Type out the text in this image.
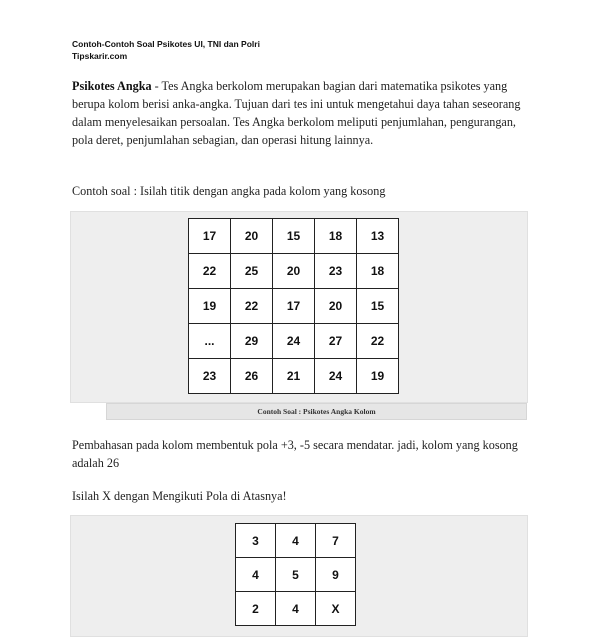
Contoh-Contoh Soal Psikotes UI, TNI dan Polri
Tipskarir.com
Psikotes Angka - Tes Angka berkolom merupakan bagian dari matematika psikotes yang berupa kolom berisi anka-angka. Tujuan dari tes ini untuk mengetahui daya tahan seseorang dalam menyelesaikan persoalan. Tes Angka berkolom meliputi penjumlahan, pengurangan, pola deret, penjumlahan sebagian, dan operasi hitung lainnya.
Contoh soal : Isilah titik dengan angka pada kolom yang kosong
17	20	15	18	13
22	25	20	23	18
19	22	17	20	15
...	29	24	27	22
23	26	21	24	19
Contoh Soal : Psikotes Angka Kolom
Pembahasan pada kolom membentuk pola +3, -5 secara mendatar. jadi, kolom yang kosong adalah 26
Isilah X dengan Mengikuti Pola di Atasnya!
3	4	7
4	5	9
2	4	X
